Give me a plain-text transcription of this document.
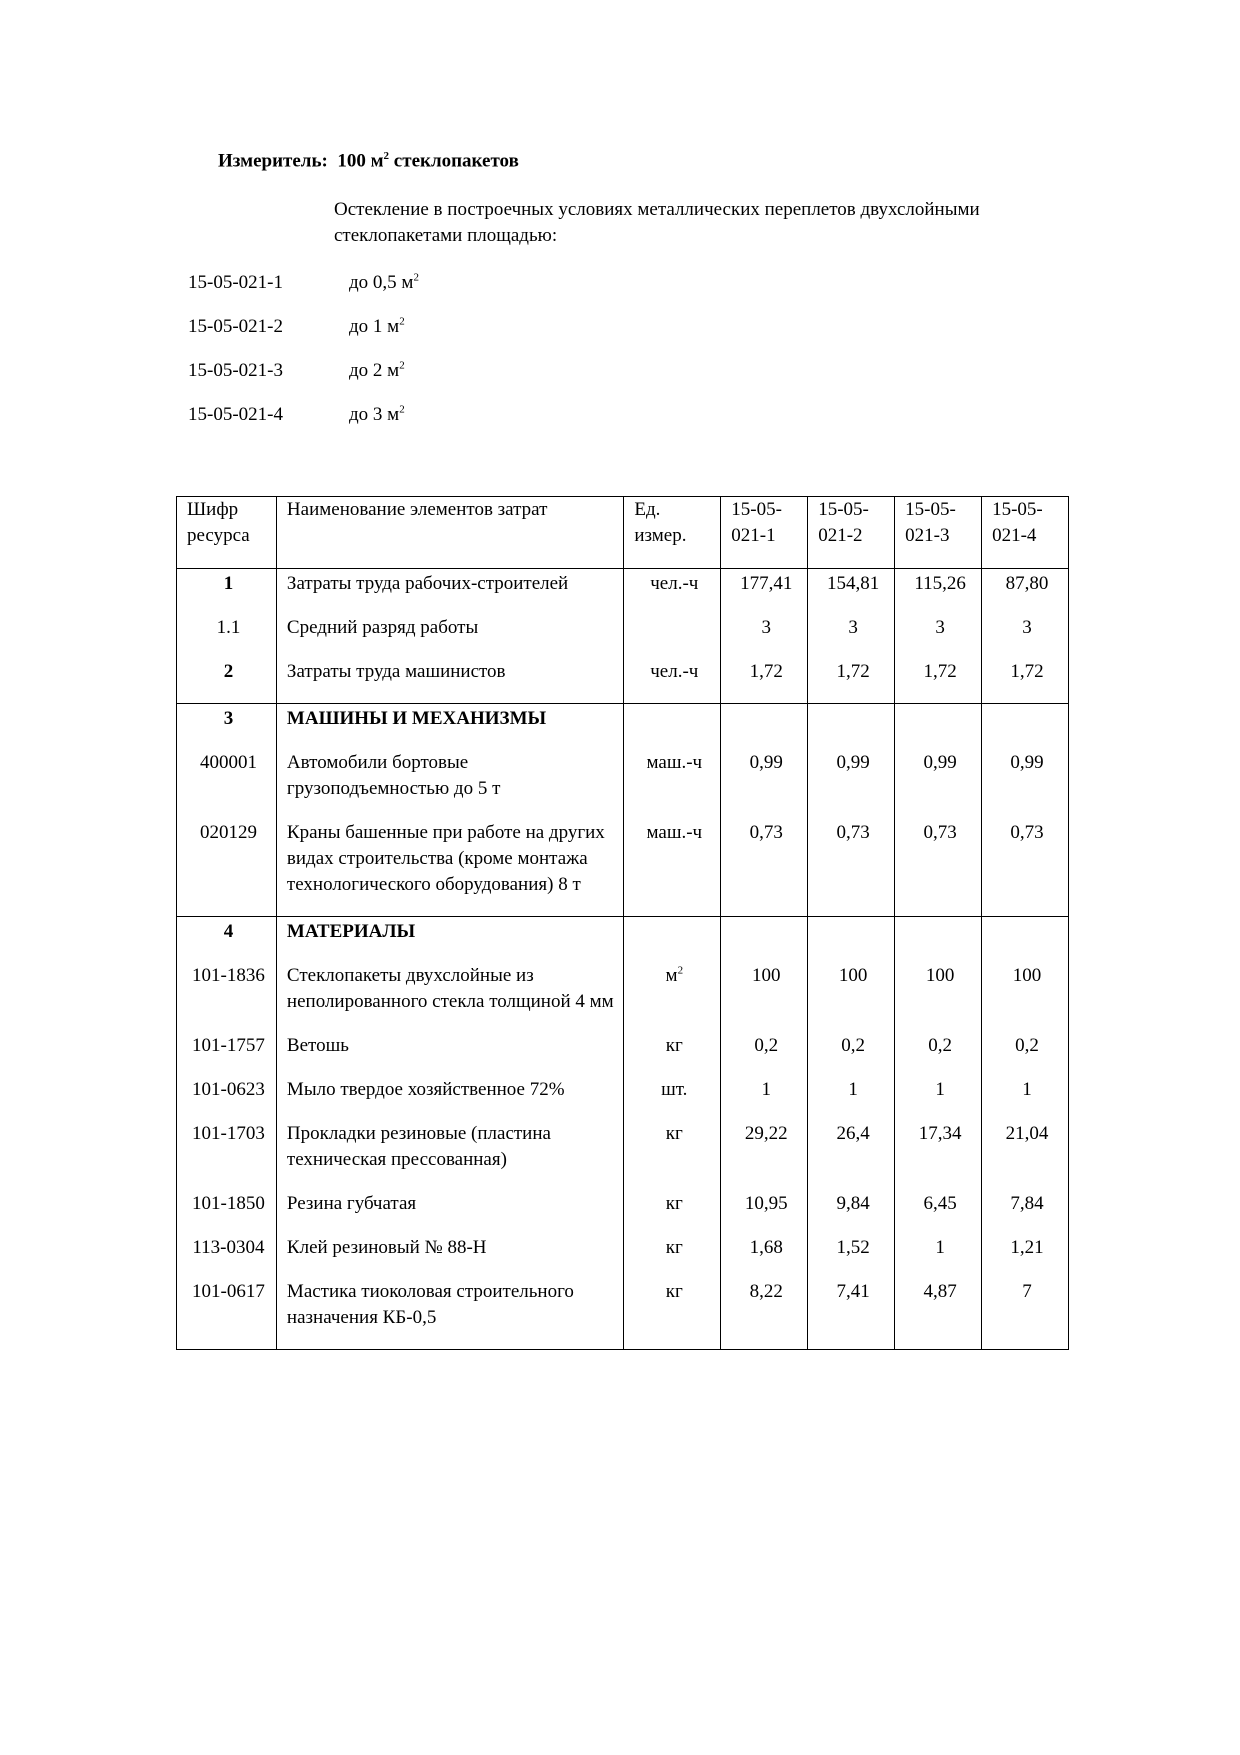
Измеритель: 100 $м^2$ стеклопакетов
Остекление в построечных условиях металлических переплетов двухслойными стеклопакетами площадью:
15-05-021-1	до 0,5 $м^2$
15-05-021-2	до 1 $м^2$
15-05-021-3	до 2 $м^2$
15-05-021-4	до 3 $м^2$
Шифр ресурса	Наименование элементов затрат	Ед. измер.	15-05-021-1	15-05-021-2	15-05-021-3	15-05-021-4
1	Затраты труда рабочих-строителей	чел.-ч	177,41	154,81	115,26	87,80
1.1	Средний разряд работы		3	3	3	3
2	Затраты труда машинистов	чел.-ч	1,72	1,72	1,72	1,72
3	МАШИНЫ И МЕХАНИЗМЫ					
400001	Автомобили бортовые грузоподъемностью до 5 т	маш.-ч	0,99	0,99	0,99	0,99
020129	Краны башенные при работе на других видах строительства (кроме монтажа технологического оборудования) 8 т	маш.-ч	0,73	0,73	0,73	0,73
4	МАТЕРИАЛЫ					
101-1836	Стеклопакеты двухслойные из неполированного стекла толщиной 4 мм	$м^2$	100	100	100	100
101-1757	Ветошь	кг	0,2	0,2	0,2	0,2
101-0623	Мыло твердое хозяйственное 72%	шт.	1	1	1	1
101-1703	Прокладки резиновые (пластина техническая прессованная)	кг	29,22	26,4	17,34	21,04
101-1850	Резина губчатая	кг	10,95	9,84	6,45	7,84
113-0304	Клей резиновый № 88-Н	кг	1,68	1,52	1	1,21
101-0617	Мастика тиоколовая строительного назначения КБ-0,5	кг	8,22	7,41	4,87	7
